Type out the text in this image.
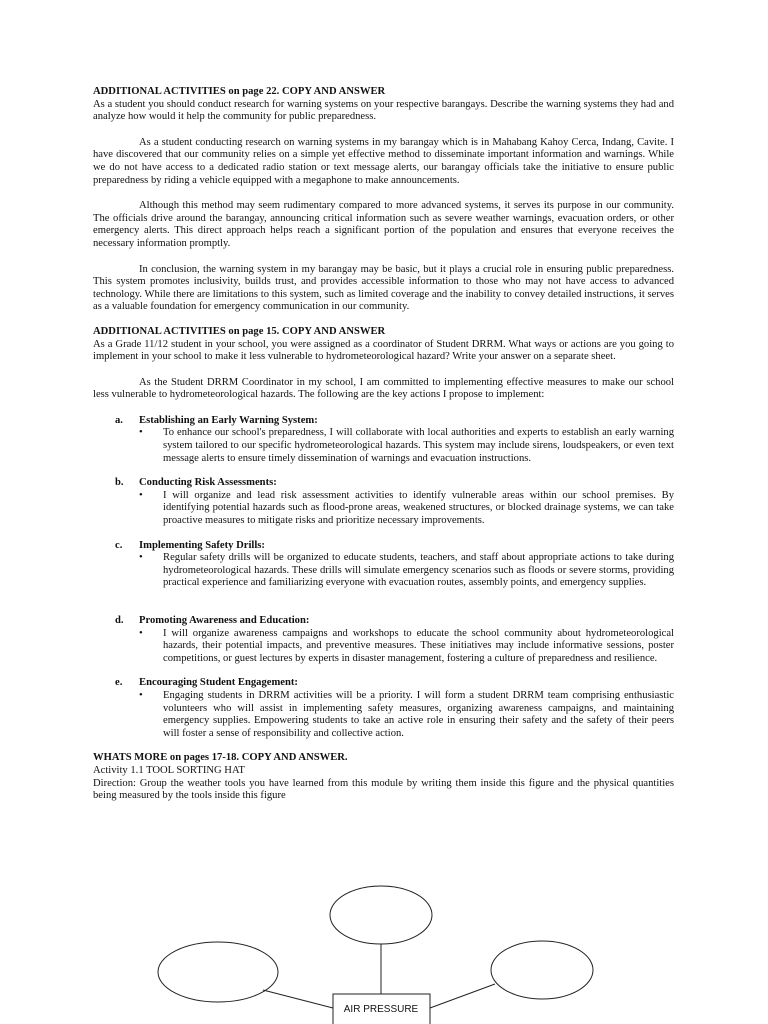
ADDITIONAL ACTIVITIES on page 22. COPY AND ANSWER

As a student you should conduct research for warning systems on your respective barangays. Describe the warning systems they had and analyze how would it help the community for public preparedness.

As a student conducting research on warning systems in my barangay which is in Mahabang Kahoy Cerca, Indang, Cavite. I have discovered that our community relies on a simple yet effective method to disseminate important information and warnings. While we do not have access to a dedicated radio station or text message alerts, our barangay officials take the initiative to ensure public preparedness by riding a vehicle equipped with a megaphone to make announcements.

Although this method may seem rudimentary compared to more advanced systems, it serves its purpose in our community. The officials drive around the barangay, announcing critical information such as severe weather warnings, evacuation orders, or other emergency alerts. This direct approach helps reach a significant portion of the population and ensures that everyone receives the necessary information promptly.

In conclusion, the warning system in my barangay may be basic, but it plays a crucial role in ensuring public preparedness. This system promotes inclusivity, builds trust, and provides accessible information to those who may not have access to advanced technology. While there are limitations to this system, such as limited coverage and the inability to convey detailed instructions, it serves as a valuable foundation for emergency communication in our community.

ADDITIONAL ACTIVITIES on page 15. COPY AND ANSWER

As a Grade 11/12 student in your school, you were assigned as a coordinator of Student DRRM. What ways or actions are you going to implement in your school to make it less vulnerable to hydrometeorological hazard? Write your answer on a separate sheet.

As the Student DRRM Coordinator in my school, I am committed to implementing effective measures to make our school less vulnerable to hydrometeorological hazards. The following are the key actions I propose to implement:

a.	Establishing an Early Warning System:
• To enhance our school's preparedness, I will collaborate with local authorities and experts to establish an early warning system tailored to our specific hydrometeorological hazards. This system may include sirens, loudspeakers, or even text message alerts to ensure timely dissemination of warnings and evacuation instructions.
b.	Conducting Risk Assessments:
• I will organize and lead risk assessment activities to identify vulnerable areas within our school premises. By identifying potential hazards such as flood-prone areas, weakened structures, or blocked drainage systems, we can take proactive measures to mitigate risks and prioritize necessary improvements.
c.	Implementing Safety Drills:
• Regular safety drills will be organized to educate students, teachers, and staff about appropriate actions to take during hydrometeorological hazards. These drills will simulate emergency scenarios such as floods or severe storms, providing practical experience and familiarizing everyone with evacuation routes, assembly points, and emergency supplies.
d.	Promoting Awareness and Education:
• I will organize awareness campaigns and workshops to educate the school community about hydrometeorological hazards, their potential impacts, and preventive measures. These initiatives may include informative sessions, poster competitions, or guest lectures by experts in disaster management, fostering a culture of preparedness and resilience.
e.	Encouraging Student Engagement:
• Engaging students in DRRM activities will be a priority. I will form a student DRRM team comprising enthusiastic volunteers who will assist in implementing safety measures, organizing awareness campaigns, and maintaining emergency supplies. Empowering students to take an active role in ensuring their safety and the safety of their peers will foster a sense of responsibility and collective action.

WHATS MORE on pages 17-18. COPY AND ANSWER.

Activity 1.1 TOOL SORTING HAT

Direction: Group the weather tools you have learned from this module by writing them inside this figure and the physical quantities being measured by the tools inside this figure

AIR PRESSURE
